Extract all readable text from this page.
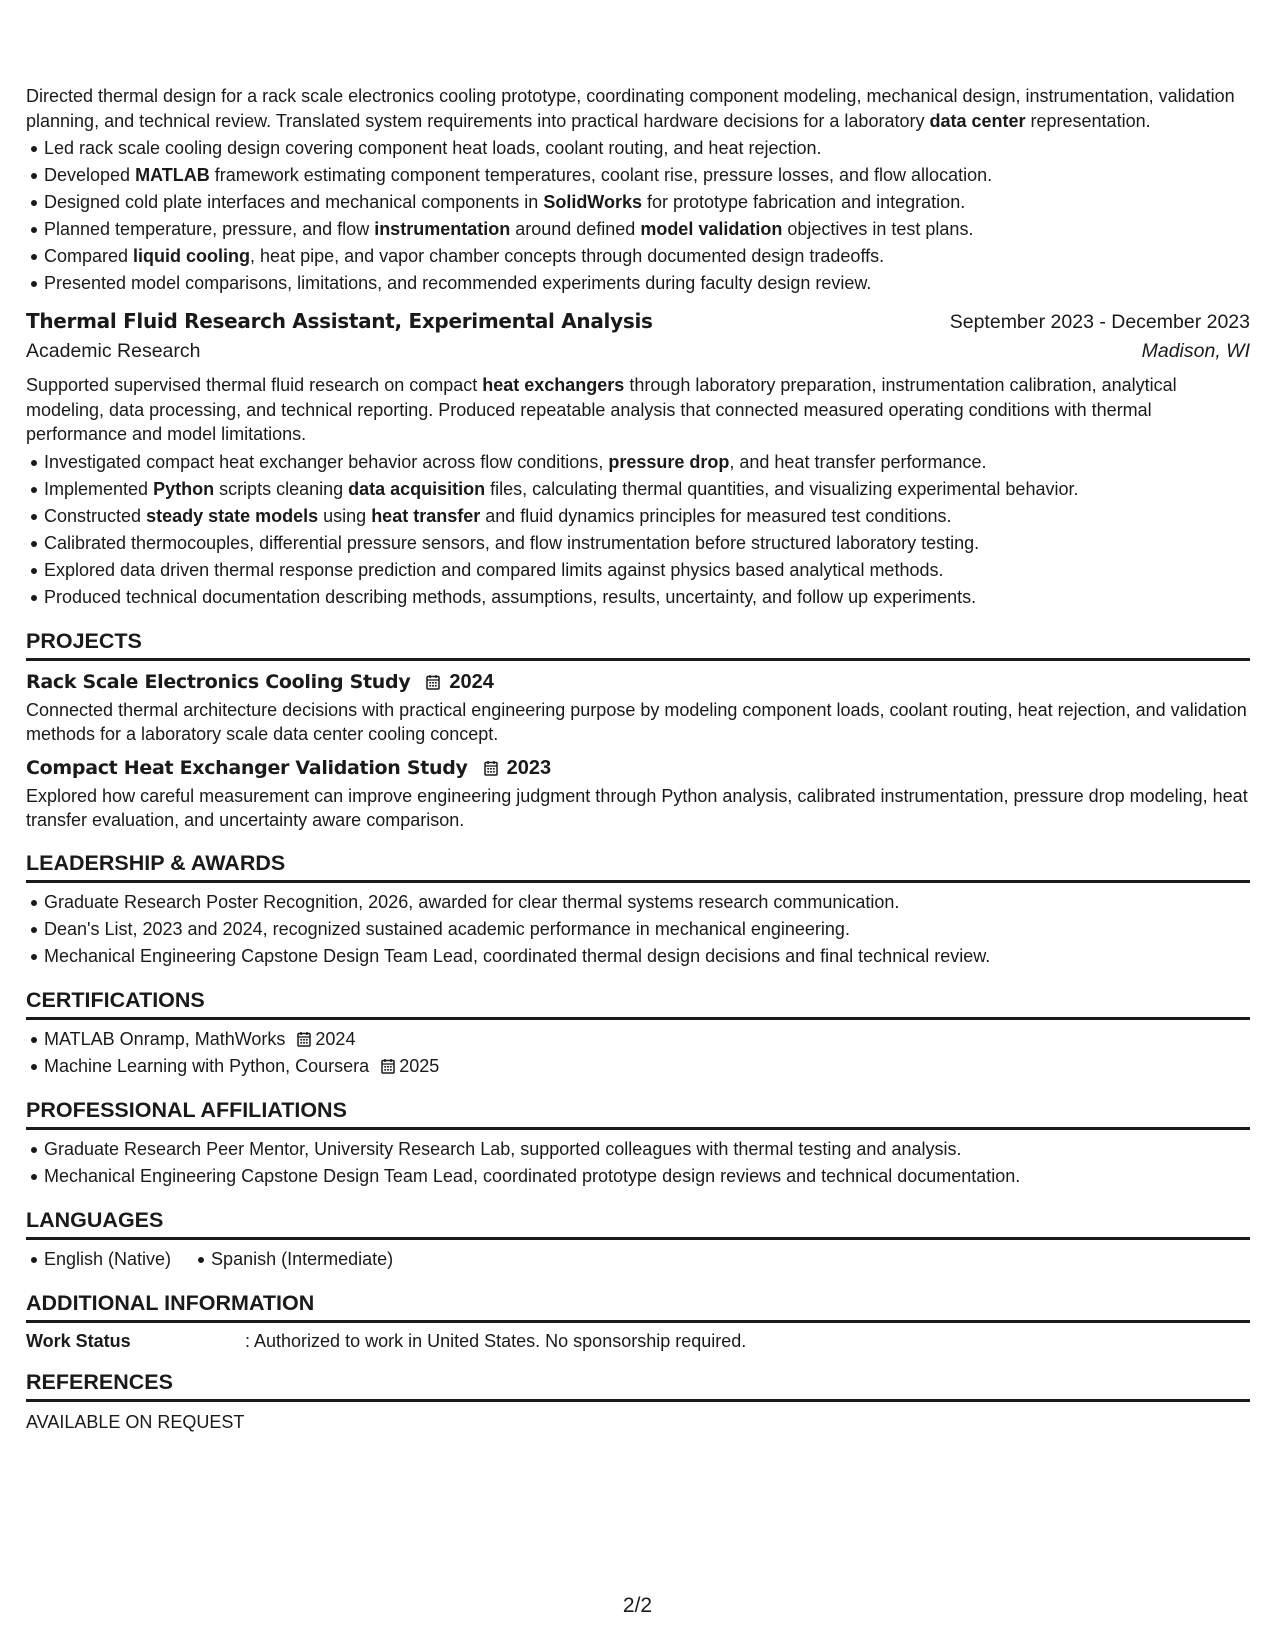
Directed thermal design for a rack scale electronics cooling prototype, coordinating component modeling, mechanical design, instrumentation, validation planning, and technical review. Translated system requirements into practical hardware decisions for a laboratory data center representation.

Led rack scale cooling design covering component heat loads, coolant routing, and heat rejection.
Developed MATLAB framework estimating component temperatures, coolant rise, pressure losses, and flow allocation.
Designed cold plate interfaces and mechanical components in SolidWorks for prototype fabrication and integration.
Planned temperature, pressure, and flow instrumentation around defined model validation objectives in test plans.
Compared liquid cooling, heat pipe, and vapor chamber concepts through documented design tradeoffs.
Presented model comparisons, limitations, and recommended experiments during faculty design review.
Thermal Fluid Research Assistant, Experimental Analysis	September 2023 - December 2023
Academic Research	Madison, WI

Supported supervised thermal fluid research on compact heat exchangers through laboratory preparation, instrumentation calibration, analytical modeling, data processing, and technical reporting. Produced repeatable analysis that connected measured operating conditions with thermal performance and model limitations.

Investigated compact heat exchanger behavior across flow conditions, pressure drop, and heat transfer performance.
Implemented Python scripts cleaning data acquisition files, calculating thermal quantities, and visualizing experimental behavior.
Constructed steady state models using heat transfer and fluid dynamics principles for measured test conditions.
Calibrated thermocouples, differential pressure sensors, and flow instrumentation before structured laboratory testing.
Explored data driven thermal response prediction and compared limits against physics based analytical methods.
Produced technical documentation describing methods, assumptions, results, uncertainty, and follow up experiments.
PROJECTS
Rack Scale Electronics Cooling Study 2024

Connected thermal architecture decisions with practical engineering purpose by modeling component loads, coolant routing, heat rejection, and validation methods for a laboratory scale data center cooling concept.

Compact Heat Exchanger Validation Study 2023

Explored how careful measurement can improve engineering judgment through Python analysis, calibrated instrumentation, pressure drop modeling, heat transfer evaluation, and uncertainty aware comparison.

LEADERSHIP & AWARDS
Graduate Research Poster Recognition, 2026, awarded for clear thermal systems research communication.
Dean's List, 2023 and 2024, recognized sustained academic performance in mechanical engineering.
Mechanical Engineering Capstone Design Team Lead, coordinated thermal design decisions and final technical review.
CERTIFICATIONS
MATLAB Onramp, MathWorks 2024
Machine Learning with Python, Coursera 2025
PROFESSIONAL AFFILIATIONS
Graduate Research Peer Mentor, University Research Lab, supported colleagues with thermal testing and analysis.
Mechanical Engineering Capstone Design Team Lead, coordinated prototype design reviews and technical documentation.
LANGUAGES
English (Native) Spanish (Intermediate)
ADDITIONAL INFORMATION
Work Status	: Authorized to work in United States. No sponsorship required.
REFERENCES
AVAILABLE ON REQUEST
2/2
